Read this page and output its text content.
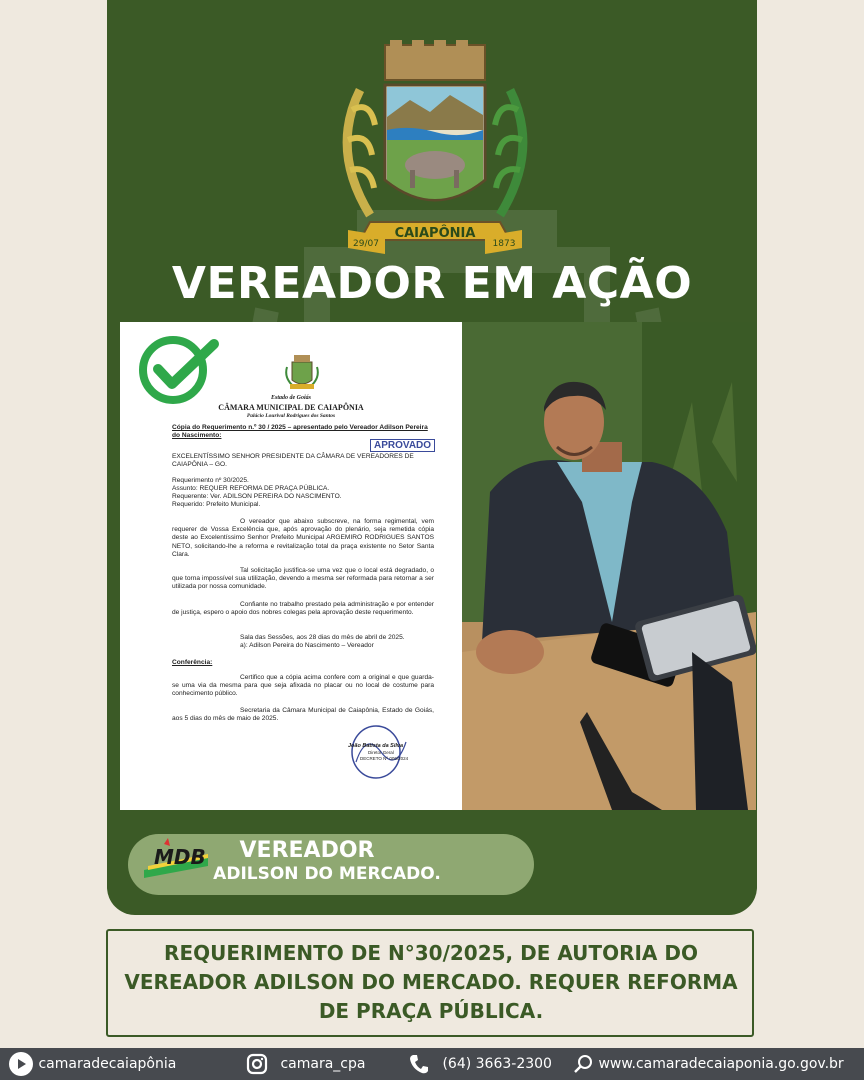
CAIAPÔNIA
29/07	1873
VEREADOR EM AÇÃO
Estado de Goiás
CÂMARA MUNICIPAL DE CAIAPÔNIA
Palácio Lourival Rodrigues dos Santos

Cópia do Requerimento n.º 30 / 2025 – apresentado pelo Vereador Adilson Pereira do Nascimento:

APROVADO

EXCELENTÍSSIMO SENHOR PRESIDENTE DA CÂMARA DE VEREADORES DE CAIAPÔNIA – GO.

Requerimento nº 30/2025.

Assunto: REQUER REFORMA DE PRAÇA PÚBLICA.

Requerente: Ver. ADILSON PEREIRA DO NASCIMENTO.

Requerido: Prefeito Municipal.

O vereador que abaixo subscreve, na forma regimental, vem requerer de Vossa Excelência que, após aprovação do plenário, seja remetida cópia deste ao Excelentíssimo Senhor Prefeito Municipal ARGEMIRO RODRIGUES SANTOS NETO, solicitando-lhe a reforma e revitalização total da praça existente no Setor Santa Clara.

Tal solicitação justifica-se uma vez que o local está degradado, o que torna impossível sua utilização, devendo a mesma ser reformada para retornar a ser utilizada por nossa comunidade.

Confiante no trabalho prestado pela administração e por entender de justiça, espero o apoio dos nobres colegas pela aprovação deste requerimento.

Sala das Sessões, aos 28 dias do mês de abril de 2025.

a): Adilson Pereira do Nascimento – Vereador

Conferência:

Certifico que a cópia acima confere com a original e que guarda-se uma via da mesma para que seja afixada no placar ou no local de costume para conhecimento público.

Secretaria da Câmara Municipal de Caiapônia, Estado de Goiás, aos 5 dias do mês de maio de 2025.

João Batista da Silva

Diretor Geral

DECRETO Nº 006/2024

MDB	VEREADOR
ADILSON DO MERCADO.
REQUERIMENTO DE N°30/2025, DE AUTORIA DO VEREADOR ADILSON DO MERCADO. REQUER REFORMA DE PRAÇA PÚBLICA.
camaradecaiapônia	camara_cpa	(64) 3663-2300	www.camaradecaiaponia.go.gov.br
